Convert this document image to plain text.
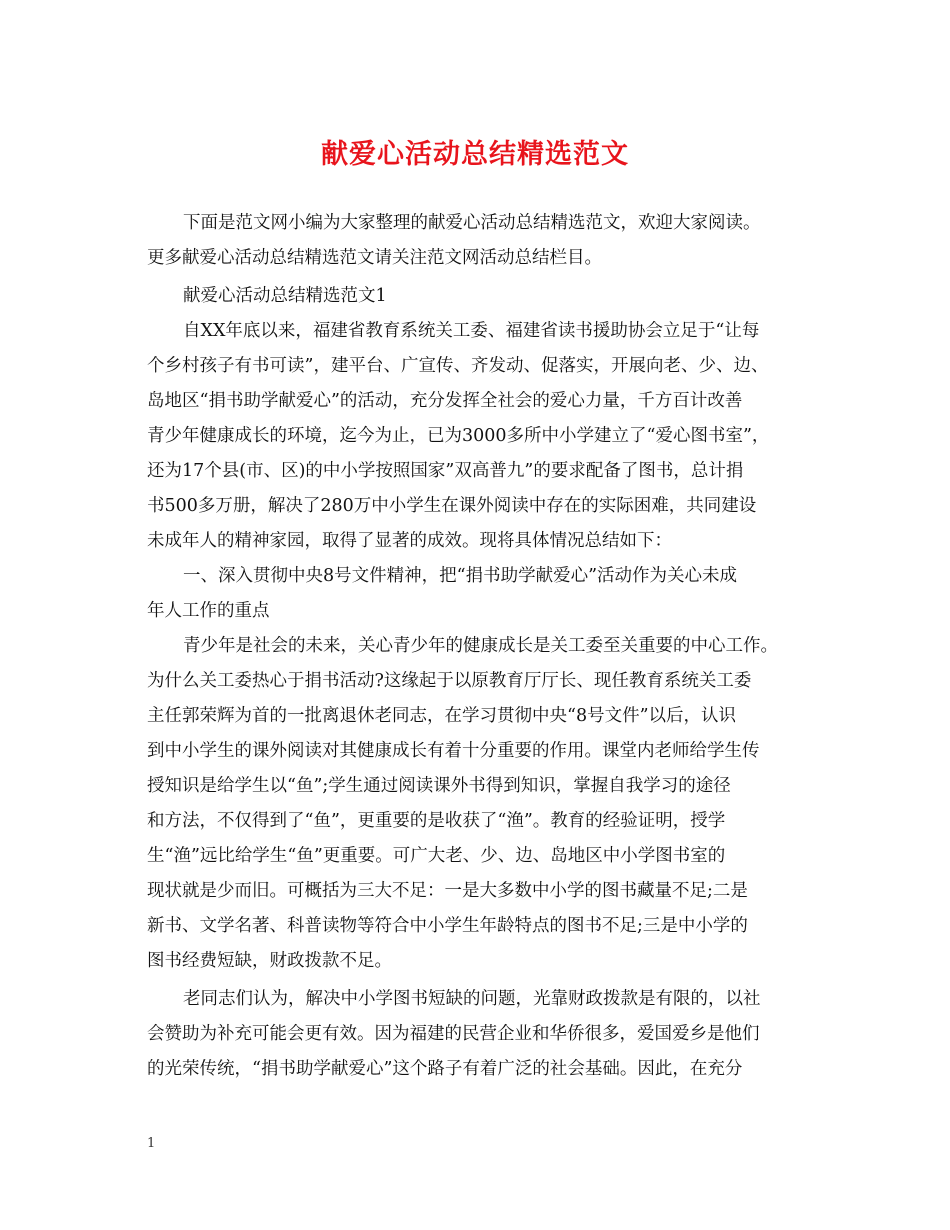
献爱心活动总结精选范文
下面是范文网小编为大家整理的献爱心活动总结精选范文，欢迎大家阅读。
更多献爱心活动总结精选范文请关注范文网活动总结栏目。
献爱心活动总结精选范文1
自XX年底以来，福建省教育系统关工委、福建省读书援助协会立足于“让每
个乡村孩子有书可读”，建平台、广宣传、齐发动、促落实，开展向老、少、边、
岛地区“捐书助学献爱心”的活动，充分发挥全社会的爱心力量，千方百计改善
青少年健康成长的环境，迄今为止，已为3000多所中小学建立了“爱心图书室”，
还为17个县(市、区)的中小学按照国家”双高普九”的要求配备了图书，总计捐
书500多万册，解决了280万中小学生在课外阅读中存在的实际困难，共同建设
未成年人的精神家园，取得了显著的成效。现将具体情况总结如下：
一、深入贯彻中央8号文件精神，把“捐书助学献爱心”活动作为关心未成
年人工作的重点
青少年是社会的未来，关心青少年的健康成长是关工委至关重要的中心工作。
为什么关工委热心于捐书活动?这缘起于以原教育厅厅长、现任教育系统关工委
主任郭荣辉为首的一批离退休老同志，在学习贯彻中央“8号文件”以后，认识
到中小学生的课外阅读对其健康成长有着十分重要的作用。课堂内老师给学生传
授知识是给学生以“鱼”;学生通过阅读课外书得到知识，掌握自我学习的途径
和方法，不仅得到了“鱼”，更重要的是收获了“渔”。教育的经验证明，授学
生“渔”远比给学生“鱼”更重要。可广大老、少、边、岛地区中小学图书室的
现状就是少而旧。可概括为三大不足：一是大多数中小学的图书藏量不足;二是
新书、文学名著、科普读物等符合中小学生年龄特点的图书不足;三是中小学的
图书经费短缺，财政拨款不足。
老同志们认为，解决中小学图书短缺的问题，光靠财政拨款是有限的，以社
会赞助为补充可能会更有效。因为福建的民营企业和华侨很多，爱国爱乡是他们
的光荣传统，“捐书助学献爱心”这个路子有着广泛的社会基础。因此，在充分
1
